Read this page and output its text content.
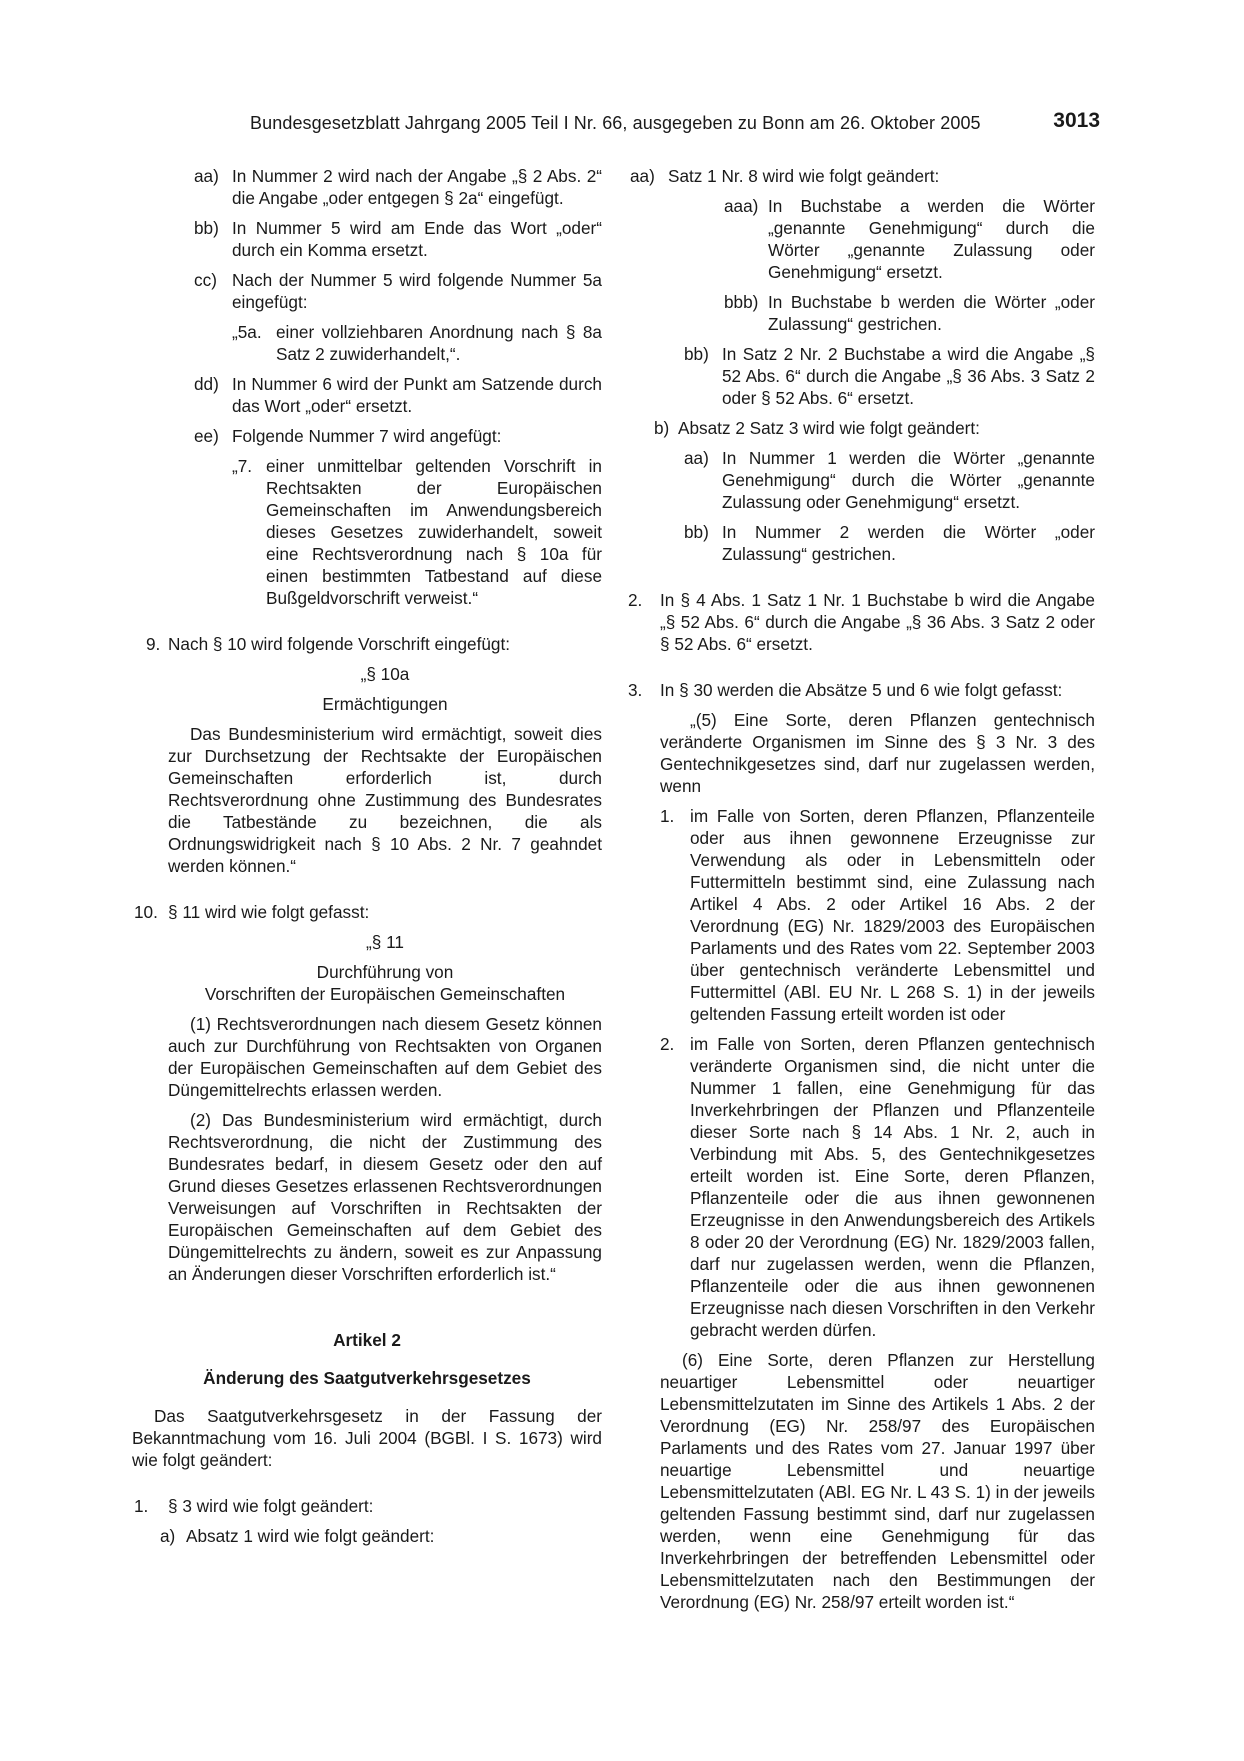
Bundesgesetzblatt Jahrgang 2005 Teil I Nr. 66, ausgegeben zu Bonn am 26. Oktober 2005	3013
aa) In Nummer 2 wird nach der Angabe „§ 2 Abs. 2“ die Angabe „oder entgegen § 2a“ eingefügt.
bb) In Nummer 5 wird am Ende das Wort „oder“ durch ein Komma ersetzt.
cc) Nach der Nummer 5 wird folgende Nummer 5a eingefügt:
„5a. einer vollziehbaren Anordnung nach § 8a Satz 2 zuwiderhandelt,“.
dd) In Nummer 6 wird der Punkt am Satzende durch das Wort „oder“ ersetzt.
ee) Folgende Nummer 7 wird angefügt:
„7. einer unmittelbar geltenden Vorschrift in Rechtsakten der Europäischen Gemeinschaften im Anwendungsbereich dieses Gesetzes zuwiderhandelt, soweit eine Rechtsverordnung nach § 10a für einen bestimmten Tatbestand auf diese Bußgeldvorschrift verweist.“
9. Nach § 10 wird folgende Vorschrift eingefügt:
„§ 10a
Ermächtigungen
Das Bundesministerium wird ermächtigt, soweit dies zur Durchsetzung der Rechtsakte der Europäischen Gemeinschaften erforderlich ist, durch Rechtsverordnung ohne Zustimmung des Bundesrates die Tatbestände zu bezeichnen, die als Ordnungswidrigkeit nach § 10 Abs. 2 Nr. 7 geahndet werden können.“
10. § 11 wird wie folgt gefasst:
„§ 11
Durchführung von
Vorschriften der Europäischen Gemeinschaften
(1) Rechtsverordnungen nach diesem Gesetz können auch zur Durchführung von Rechtsakten von Organen der Europäischen Gemeinschaften auf dem Gebiet des Düngemittelrechts erlassen werden.
(2) Das Bundesministerium wird ermächtigt, durch Rechtsverordnung, die nicht der Zustimmung des Bundesrates bedarf, in diesem Gesetz oder den auf Grund dieses Gesetzes erlassenen Rechtsverordnungen Verweisungen auf Vorschriften in Rechtsakten der Europäischen Gemeinschaften auf dem Gebiet des Düngemittelrechts zu ändern, soweit es zur Anpassung an Änderungen dieser Vorschriften erforderlich ist.“
Artikel 2
Änderung des Saatgutverkehrsgesetzes
Das Saatgutverkehrsgesetz in der Fassung der Bekanntmachung vom 16. Juli 2004 (BGBl. I S. 1673) wird wie folgt geändert:
1. § 3 wird wie folgt geändert:
a) Absatz 1 wird wie folgt geändert:
aa) Satz 1 Nr. 8 wird wie folgt geändert:
aaa) In Buchstabe a werden die Wörter „genannte Genehmigung“ durch die Wörter „genannte Zulassung oder Genehmigung“ ersetzt.
bbb) In Buchstabe b werden die Wörter „oder Zulassung“ gestrichen.
bb) In Satz 2 Nr. 2 Buchstabe a wird die Angabe „§ 52 Abs. 6“ durch die Angabe „§ 36 Abs. 3 Satz 2 oder § 52 Abs. 6“ ersetzt.
b) Absatz 2 Satz 3 wird wie folgt geändert:
aa) In Nummer 1 werden die Wörter „genannte Genehmigung“ durch die Wörter „genannte Zulassung oder Genehmigung“ ersetzt.
bb) In Nummer 2 werden die Wörter „oder Zulassung“ gestrichen.
2. In § 4 Abs. 1 Satz 1 Nr. 1 Buchstabe b wird die Angabe „§ 52 Abs. 6“ durch die Angabe „§ 36 Abs. 3 Satz 2 oder § 52 Abs. 6“ ersetzt.
3. In § 30 werden die Absätze 5 und 6 wie folgt gefasst:
„(5) Eine Sorte, deren Pflanzen gentechnisch veränderte Organismen im Sinne des § 3 Nr. 3 des Gentechnikgesetzes sind, darf nur zugelassen werden, wenn
1. im Falle von Sorten, deren Pflanzen, Pflanzenteile oder aus ihnen gewonnene Erzeugnisse zur Verwendung als oder in Lebensmitteln oder Futtermitteln bestimmt sind, eine Zulassung nach Artikel 4 Abs. 2 oder Artikel 16 Abs. 2 der Verordnung (EG) Nr. 1829/2003 des Europäischen Parlaments und des Rates vom 22. September 2003 über gentechnisch veränderte Lebensmittel und Futtermittel (ABl. EU Nr. L 268 S. 1) in der jeweils geltenden Fassung erteilt worden ist oder
2. im Falle von Sorten, deren Pflanzen gentechnisch veränderte Organismen sind, die nicht unter die Nummer 1 fallen, eine Genehmigung für das Inverkehrbringen der Pflanzen und Pflanzenteile dieser Sorte nach § 14 Abs. 1 Nr. 2, auch in Verbindung mit Abs. 5, des Gentechnikgesetzes erteilt worden ist. Eine Sorte, deren Pflanzen, Pflanzenteile oder die aus ihnen gewonnenen Erzeugnisse in den Anwendungsbereich des Artikels 8 oder 20 der Verordnung (EG) Nr. 1829/2003 fallen, darf nur zugelassen werden, wenn die Pflanzen, Pflanzenteile oder die aus ihnen gewonnenen Erzeugnisse nach diesen Vorschriften in den Verkehr gebracht werden dürfen.
(6) Eine Sorte, deren Pflanzen zur Herstellung neuartiger Lebensmittel oder neuartiger Lebensmittelzutaten im Sinne des Artikels 1 Abs. 2 der Verordnung (EG) Nr. 258/97 des Europäischen Parlaments und des Rates vom 27. Januar 1997 über neuartige Lebensmittel und neuartige Lebensmittelzutaten (ABl. EG Nr. L 43 S. 1) in der jeweils geltenden Fassung bestimmt sind, darf nur zugelassen werden, wenn eine Genehmigung für das Inverkehrbringen der betreffenden Lebensmittel oder Lebensmittelzutaten nach den Bestimmungen der Verordnung (EG) Nr. 258/97 erteilt worden ist.“
